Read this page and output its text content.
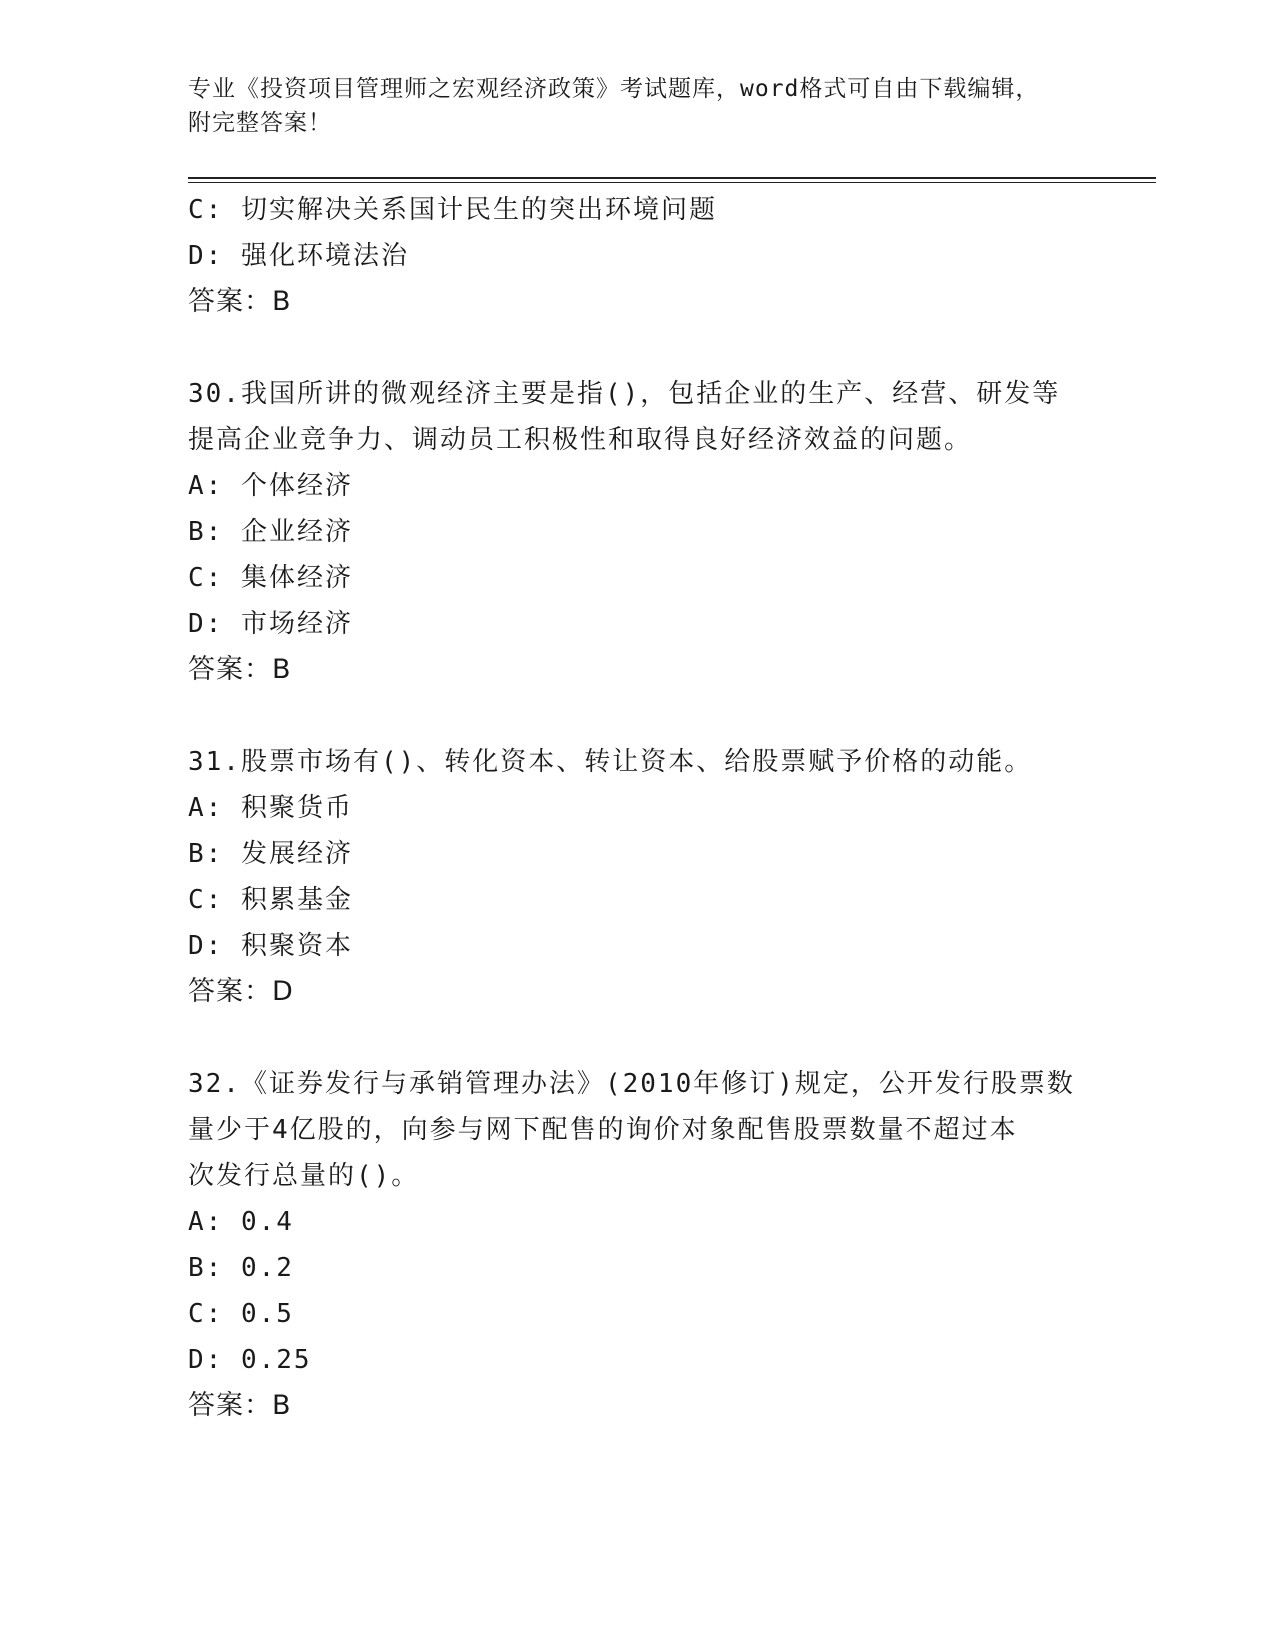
专业《投资项目管理师之宏观经济政策》考试题库，word格式可自由下载编辑，
附完整答案！
C: 切实解决关系国计民生的突出环境问题
D: 强化环境法治
答案：B
30.我国所讲的微观经济主要是指()，包括企业的生产、经营、研发等
提高企业竞争力、调动员工积极性和取得良好经济效益的问题。
A: 个体经济
B: 企业经济
C: 集体经济
D: 市场经济
答案：B
31.股票市场有()、转化资本、转让资本、给股票赋予价格的动能。
A: 积聚货币
B: 发展经济
C: 积累基金
D: 积聚资本
答案：D
32.《证券发行与承销管理办法》(2010年修订)规定，公开发行股票数
量少于4亿股的，向参与网下配售的询价对象配售股票数量不超过本
次发行总量的()。
A: 0.4
B: 0.2
C: 0.5
D: 0.25
答案：B
